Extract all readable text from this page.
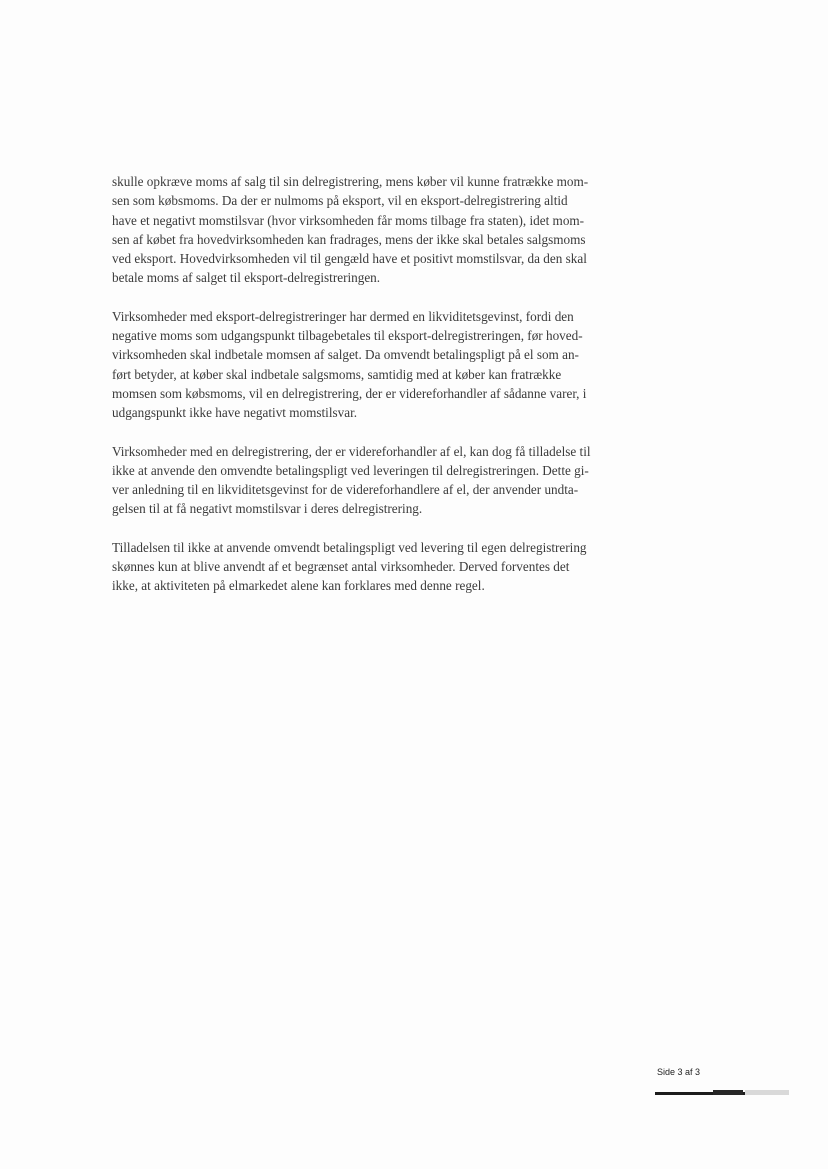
skulle opkræve moms af salg til sin delregistrering, mens køber vil kunne fratrække mom-
sen som købsmoms. Da der er nulmoms på eksport, vil en eksport-delregistrering altid
have et negativt momstilsvar (hvor virksomheden får moms tilbage fra staten), idet mom-
sen af købet fra hovedvirksomheden kan fradrages, mens der ikke skal betales salgsmoms
ved eksport. Hovedvirksomheden vil til gengæld have et positivt momstilsvar, da den skal
betale moms af salget til eksport-delregistreringen.

Virksomheder med eksport-delregistreringer har dermed en likviditetsgevinst, fordi den
negative moms som udgangspunkt tilbagebetales til eksport-delregistreringen, før hoved-
virksomheden skal indbetale momsen af salget. Da omvendt betalingspligt på el som an-
ført betyder, at køber skal indbetale salgsmoms, samtidig med at køber kan fratrække
momsen som købsmoms, vil en delregistrering, der er videreforhandler af sådanne varer, i
udgangspunkt ikke have negativt momstilsvar.

Virksomheder med en delregistrering, der er videreforhandler af el, kan dog få tilladelse til
ikke at anvende den omvendte betalingspligt ved leveringen til delregistreringen. Dette gi-
ver anledning til en likviditetsgevinst for de videreforhandlere af el, der anvender undta-
gelsen til at få negativt momstilsvar i deres delregistrering.

Tilladelsen til ikke at anvende omvendt betalingspligt ved levering til egen delregistrering
skønnes kun at blive anvendt af et begrænset antal virksomheder. Derved forventes det
ikke, at aktiviteten på elmarkedet alene kan forklares med denne regel.

Side 3 af 3
